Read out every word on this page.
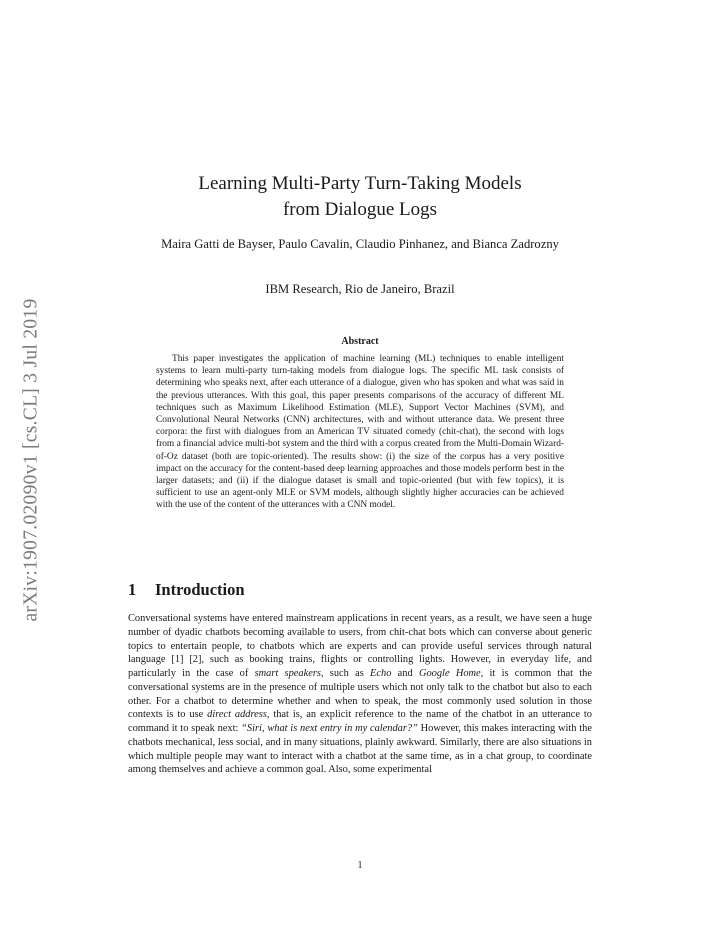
arXiv:1907.02090v1 [cs.CL] 3 Jul 2019
Learning Multi-Party Turn-Taking Models
from Dialogue Logs

Maira Gatti de Bayser, Paulo Cavalin, Claudio Pinhanez, and Bianca Zadrozny

IBM Research, Rio de Janeiro, Brazil

Abstract

This paper investigates the application of machine learning (ML) techniques to enable intelligent systems to learn multi-party turn-taking models from dialogue logs. The specific ML task consists of determining who speaks next, after each utterance of a dialogue, given who has spoken and what was said in the previous utterances. With this goal, this paper presents comparisons of the accuracy of different ML techniques such as Maximum Likelihood Estimation (MLE), Support Vector Machines (SVM), and Convolutional Neural Networks (CNN) architectures, with and without utterance data. We present three corpora: the first with dialogues from an American TV situated comedy (chit-chat), the second with logs from a financial advice multi-bot system and the third with a corpus created from the Multi-Domain Wizard-of-Oz dataset (both are topic-oriented). The results show: (i) the size of the corpus has a very positive impact on the accuracy for the content-based deep learning approaches and those models perform best in the larger datasets; and (ii) if the dialogue dataset is small and topic-oriented (but with few topics), it is sufficient to use an agent-only MLE or SVM models, although slightly higher accuracies can be achieved with the use of the content of the utterances with a CNN model.

1 Introduction

Conversational systems have entered mainstream applications in recent years, as a result, we have seen a huge number of dyadic chatbots becoming available to users, from chit-chat bots which can converse about generic topics to entertain people, to chatbots which are experts and can provide useful services through natural language [1] [2], such as booking trains, flights or controlling lights. However, in everyday life, and particularly in the case of smart speakers, such as Echo and Google Home, it is common that the conversational systems are in the presence of multiple users which not only talk to the chatbot but also to each other. For a chatbot to determine whether and when to speak, the most commonly used solution in those contexts is to use direct address, that is, an explicit reference to the name of the chatbot in an utterance to command it to speak next: “Siri, what is next entry in my calendar?” However, this makes interacting with the chatbots mechanical, less social, and in many situations, plainly awkward. Similarly, there are also situations in which multiple people may want to interact with a chatbot at the same time, as in a chat group, to coordinate among themselves and achieve a common goal. Also, some experimental

1
